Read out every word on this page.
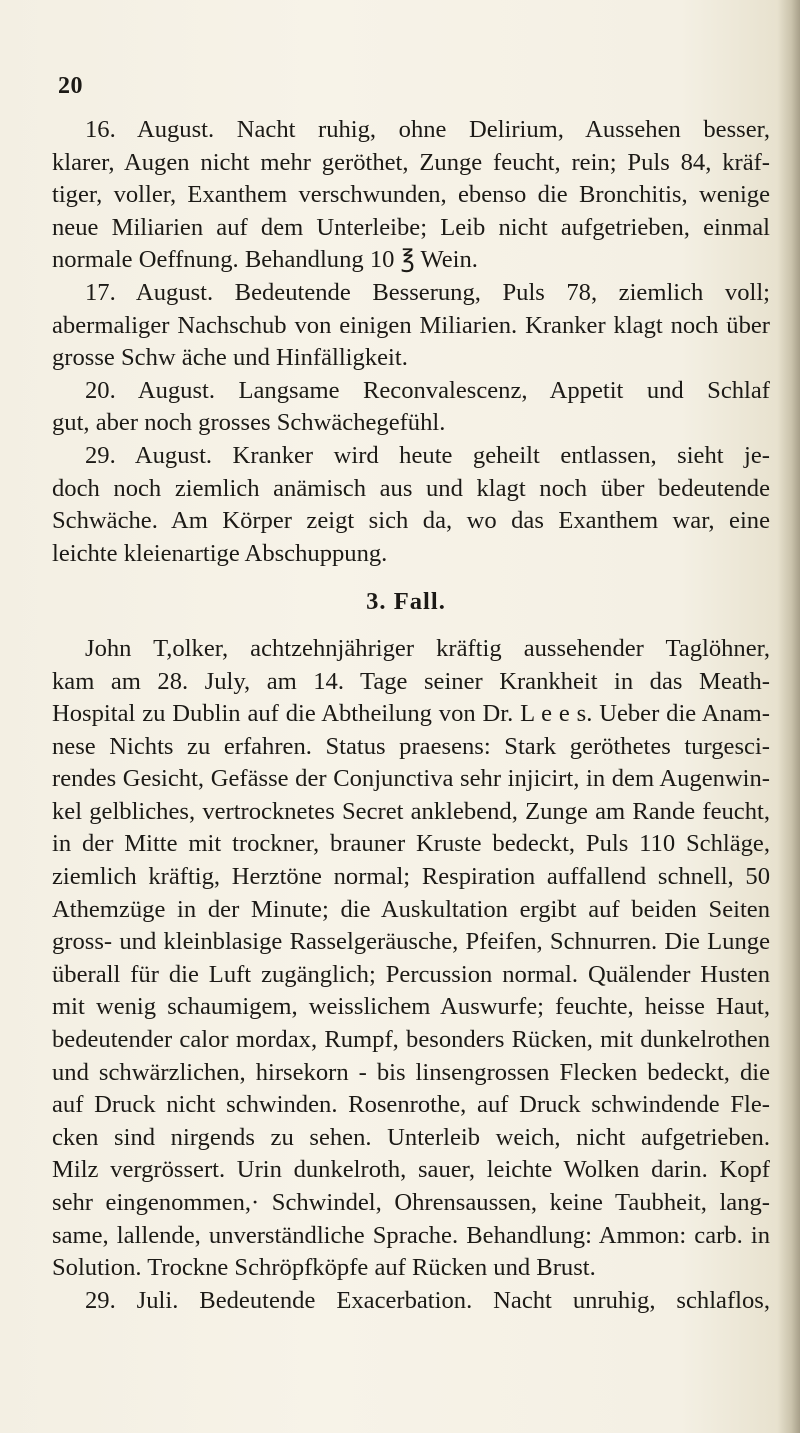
20
16. August. Nacht ruhig, ohne Delirium, Aussehen besser,
klarer, Augen nicht mehr geröthet, Zunge feucht, rein; Puls 84, kräf-
tiger, voller, Exanthem verschwunden, ebenso die Bronchitis, wenige
neue Miliarien auf dem Unterleibe; Leib nicht aufgetrieben, einmal
normale Oeffnung. Behandlung 10 ℥ Wein.
17. August. Bedeutende Besserung, Puls 78, ziemlich voll;
abermaliger Nachschub von einigen Miliarien. Kranker klagt noch über
grosse Schw äche und Hinfälligkeit.
20. August. Langsame Reconvalescenz, Appetit und Schlaf
gut, aber noch grosses Schwächegefühl.
29. August. Kranker wird heute geheilt entlassen, sieht je-
doch noch ziemlich anämisch aus und klagt noch über bedeutende
Schwäche. Am Körper zeigt sich da, wo das Exanthem war, eine
leichte kleienartige Abschuppung.
3. Fall.
John T,olker, achtzehnjähriger kräftig aussehender Taglöhner,
kam am 28. July, am 14. Tage seiner Krankheit in das Meath-
Hospital zu Dublin auf die Abtheilung von Dr. L e e s. Ueber die Anam-
nese Nichts zu erfahren. Status praesens: Stark geröthetes turgesci-
rendes Gesicht, Gefässe der Conjunctiva sehr injicirt, in dem Augenwin-
kel gelbliches, vertrocknetes Secret anklebend, Zunge am Rande feucht,
in der Mitte mit trockner, brauner Kruste bedeckt, Puls 110 Schläge,
ziemlich kräftig, Herztöne normal; Respiration auffallend schnell, 50
Athemzüge in der Minute; die Auskultation ergibt auf beiden Seiten
gross- und kleinblasige Rasselgeräusche, Pfeifen, Schnurren. Die Lunge
überall für die Luft zugänglich; Percussion normal. Quälender Husten
mit wenig schaumigem, weisslichem Auswurfe; feuchte, heisse Haut,
bedeutender calor mordax, Rumpf, besonders Rücken, mit dunkelrothen
und schwärzlichen, hirsekorn - bis linsengrossen Flecken bedeckt, die
auf Druck nicht schwinden. Rosenrothe, auf Druck schwindende Fle-
cken sind nirgends zu sehen. Unterleib weich, nicht aufgetrieben.
Milz vergrössert. Urin dunkelroth, sauer, leichte Wolken darin. Kopf
sehr eingenommen,· Schwindel, Ohrensaussen, keine Taubheit, lang-
same, lallende, unverständliche Sprache. Behandlung: Ammon: carb. in
Solution. Trockne Schröpfköpfe auf Rücken und Brust.
29. Juli. Bedeutende Exacerbation. Nacht unruhig, schlaflos,
